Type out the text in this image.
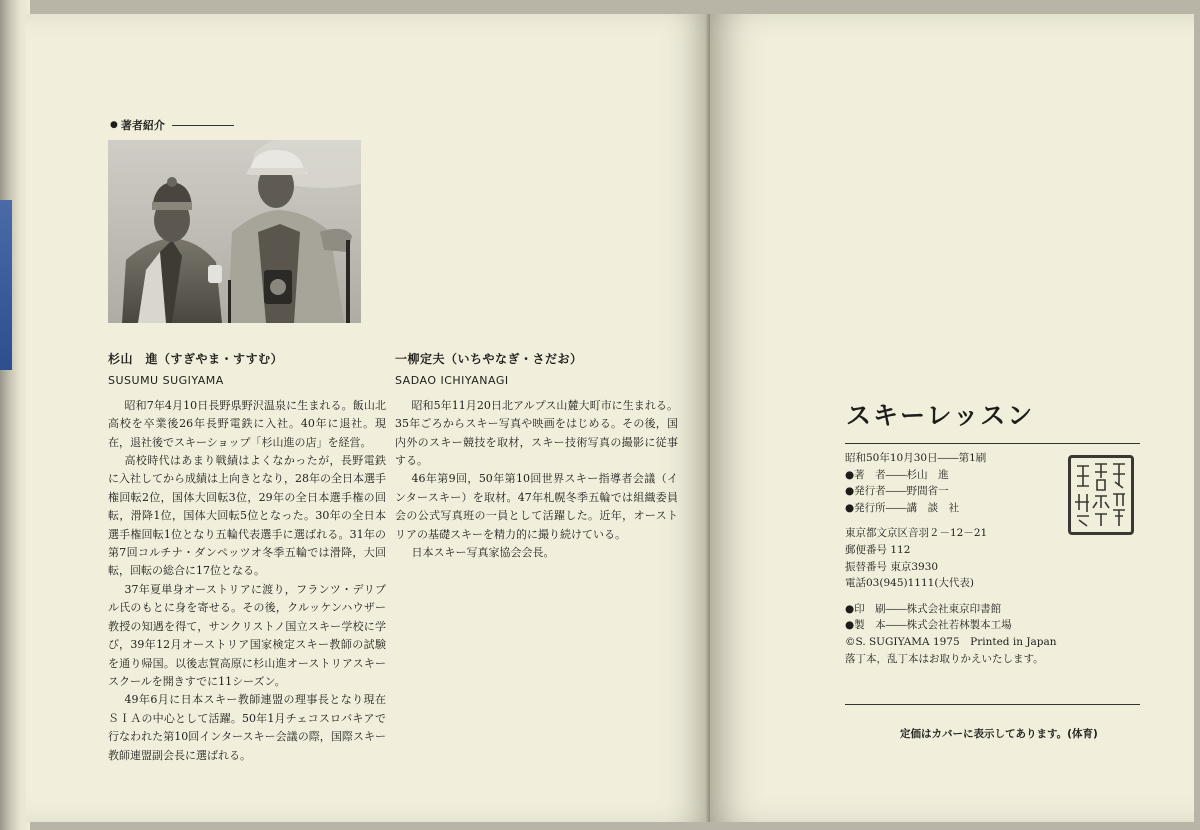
● 著者紹介
杉山　進（すぎやま・すすむ）
SUSUMU SUGIYAMA

昭和7年4月10日長野県野沢温泉に生まれる。飯山北高校を卒業後26年長野電鉄に入社。40年に退社。現在，退社後でスキーショップ「杉山進の店」を経営。

高校時代はあまり戦績はよくなかったが，長野電鉄に入社してから成績は上向きとなり，28年の全日本選手権回転2位，国体大回転3位，29年の全日本選手権の回転，滑降1位，国体大回転5位となった。30年の全日本選手権回転1位となり五輪代表選手に選ばれる。31年の第7回コルチナ・ダンペッツオ冬季五輪では滑降，大回転，回転の総合に17位となる。

37年夏単身オーストリアに渡り，フランツ・デリブル氏のもとに身を寄せる。その後，クルッケンハウザー教授の知遇を得て，サンクリストノ国立スキー学校に学び，39年12月オーストリア国家検定スキー教師の試験を通り帰国。以後志賀高原に杉山進オーストリアスキースクールを開きすでに11シーズン。

49年6月に日本スキー教師連盟の理事長となり現在ＳＩＡの中心として活躍。50年1月チェコスロバキアで行なわれた第10回インタースキー会議の際，国際スキー教師連盟副会長に選ばれる。

一柳定夫（いちやなぎ・さだお）
SADAO ICHIYANAGI

昭和5年11月20日北アルプス山麓大町市に生まれる。35年ごろからスキー写真や映画をはじめる。その後，国内外のスキー競技を取材，スキー技術写真の撮影に従事する。

46年第9回，50年第10回世界スキー指導者会議（インタースキー）を取材。47年札幌冬季五輪では組織委員会の公式写真班の一員として活躍した。近年，オーストリアの基礎スキーを精力的に撮り続けている。

日本スキー写真家協会会長。

スキーレッスン
昭和50年10月30日――第1刷
●著　者――杉山　進
●発行者――野間省一
●発行所――講　談　社
東京都文京区音羽２－12－21
郵便番号 112
振替番号 東京3930
電話03(945)1111(大代表)
●印　刷――株式会社東京印書館
●製　本――株式会社若林製本工場
©S. SUGIYAMA 1975　Printed in Japan
落丁本，乱丁本はお取りかえいたします。
定価はカバーに表示してあります。(体育)
